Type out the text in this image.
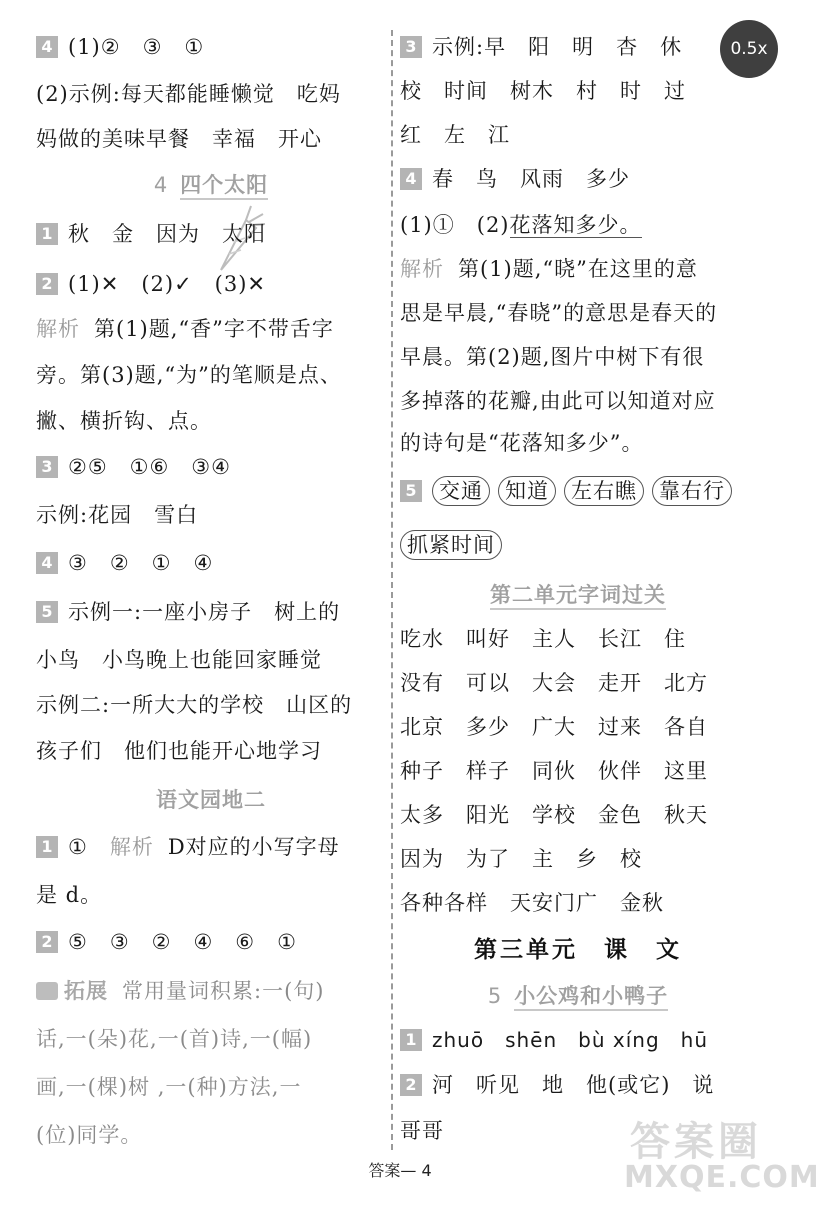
0.5x
4 (1)②　③　①
(2)示例:每天都能睡懒觉　吃妈
妈做的美味早餐　幸福　开心
4 四个太阳
1 秋　金　因为　太阳
2 (1)✕　(2)✓　(3)✕
解析 第(1)题,“香”字不带舌字
旁。第(3)题,“为”的笔顺是点、
撇、横折钩、点。
3 ②⑤　①⑥　③④
示例:花园　雪白
4 ③　②　①　④
5 示例一:一座小房子　树上的
小鸟　小鸟晚上也能回家睡觉
示例二:一所大大的学校　山区的
孩子们　他们也能开心地学习
语文园地二
1 ① 解析 D对应的小写字母
是 d。
2 ⑤　③　②　④　⑥　①
拓展 常用量词积累:一(句)
话,一(朵)花,一(首)诗,一(幅)
画,一(棵)树 ,一(种)方法,一
(位)同学。
3 示例:早　阳　明　杏　休
校　时间　树木　村　时　过
红　左　江
4 春　鸟　风雨　多少
(1)①　(2)花落知多少。
解析 第(1)题,“晓”在这里的意
思是早晨,“春晓”的意思是春天的
早晨。第(2)题,图片中树下有很
多掉落的花瓣,由此可以知道对应
的诗句是“花落知多少”。
5 交通 知道 左右瞧 靠右行
抓紧时间
第二单元字词过关
吃水　叫好　主人　长江　住
没有　可以　大会　走开　北方
北京　多少　广大　过来　各自
种子　样子　同伙　伙伴　这里
太多　阳光　学校　金色　秋天
因为　为了　主　乡　校
各种各样　天安门广　金秋
第三单元　课　文
5 小公鸡和小鸭子
1 zhuō　shēn　bù xíng　hū
2 河　听见　地　他(或它)　说
哥哥	答案圈
MXQE.COM
答案— 4
